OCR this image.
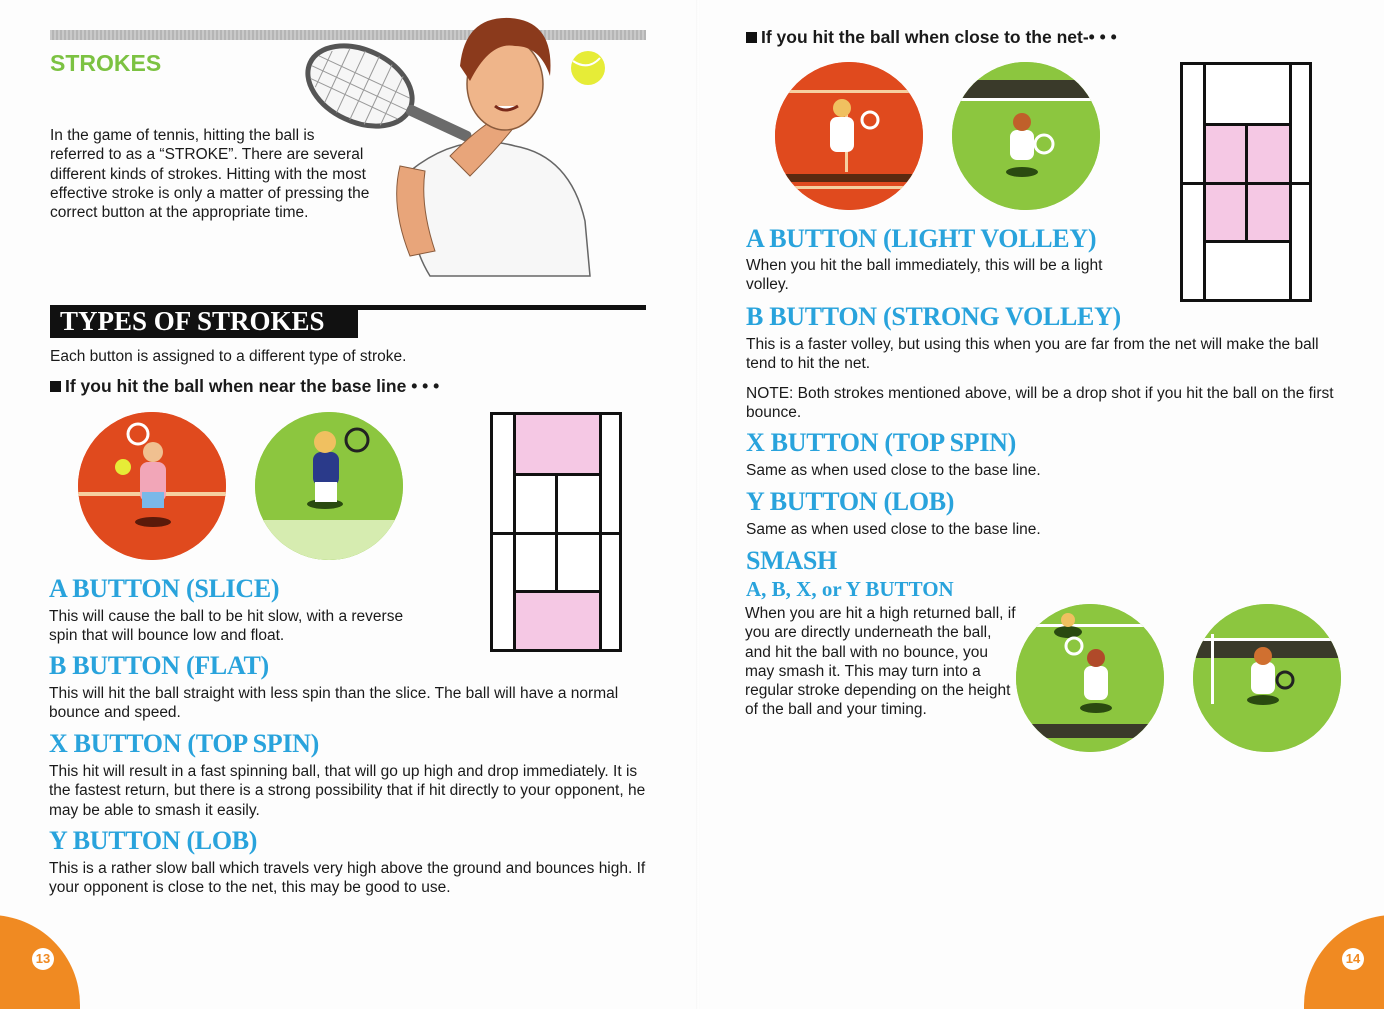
STROKES
In the game of tennis, hitting the ball is referred to as a “STROKE”. There are several different kinds of strokes. Hitting with the most effective stroke is only a matter of pressing the correct button at the appropriate time.
TYPES OF STROKES
Each button is assigned to a different type of stroke.
If you hit the ball when near the base line • • •
A BUTTON (SLICE)
This will cause the ball to be hit slow, with a reverse spin that will bounce low and float.
B BUTTON (FLAT)
This will hit the ball straight with less spin than the slice. The ball will have a normal bounce and speed.
X BUTTON (TOP SPIN)
This hit will result in a fast spinning ball, that will go up high and drop immediately. It is the fastest return, but there is a strong possibility that if hit directly to your opponent, he may be able to smash it easily.
Y BUTTON (LOB)
This is a rather slow ball which travels very high above the ground and bounces high. If your opponent is close to the net, this may be good to use.
13
If you hit the ball when close to the net-• • •
A BUTTON (LIGHT VOLLEY)
When you hit the ball immediately, this will be a light volley.
B BUTTON (STRONG VOLLEY)
This is a faster volley, but using this when you are far from the net will make the ball tend to hit the net.
NOTE: Both strokes mentioned above, will be a drop shot if you hit the ball on the first bounce.
X BUTTON (TOP SPIN)
Same as when used close to the base line.
Y BUTTON (LOB)
Same as when used close to the base line.
SMASH
A, B, X, or Y BUTTON
When you are hit a high returned ball, if you are directly underneath the ball, and hit the ball with no bounce, you may smash it. This may turn into a regular stroke depending on the height of the ball and your timing.
14
